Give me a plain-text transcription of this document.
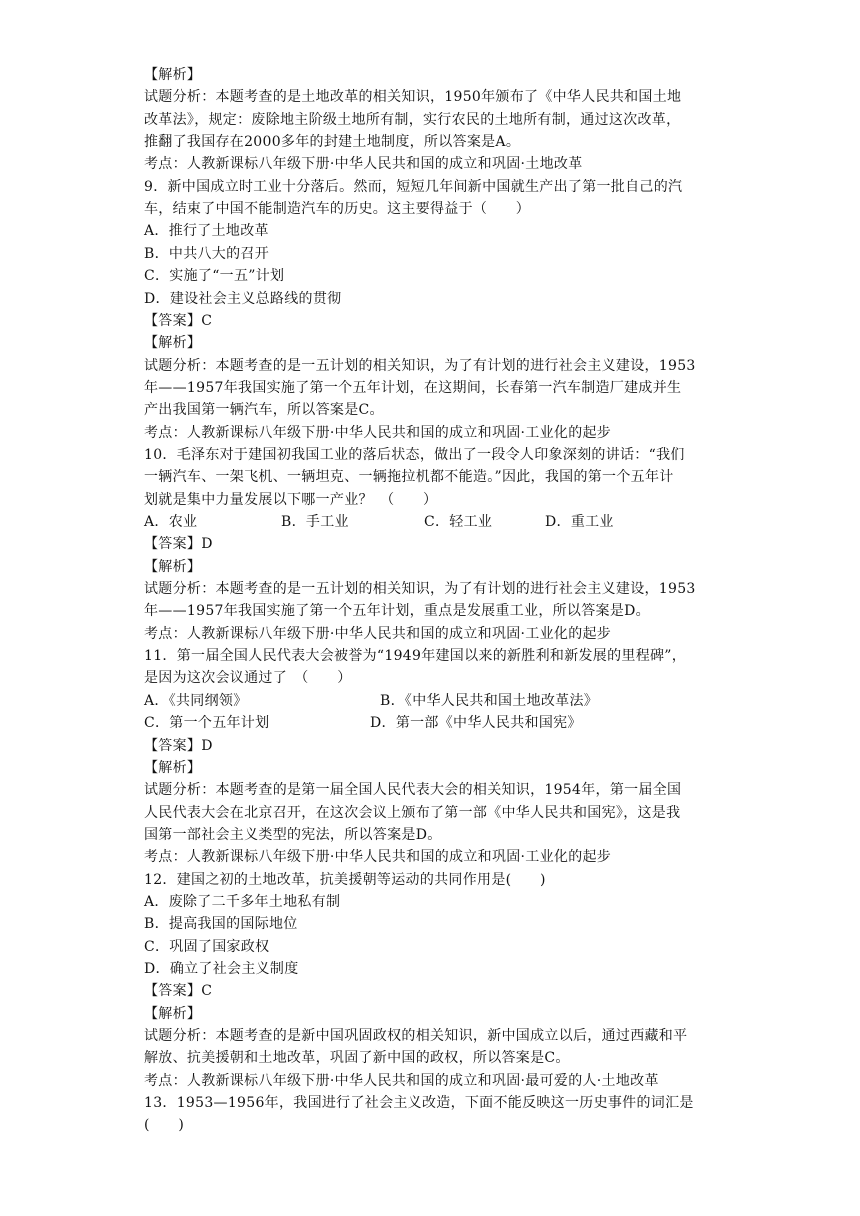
【解析】
试题分析：本题考查的是土地改革的相关知识，1950年颁布了《中华人民共和国土地
改革法》，规定：废除地主阶级土地所有制，实行农民的土地所有制，通过这次改革，
推翻了我国存在2000多年的封建土地制度，所以答案是A。
考点：人教新课标八年级下册·中华人民共和国的成立和巩固·土地改革
9．新中国成立时工业十分落后。然而，短短几年间新中国就生产出了第一批自己的汽
车，结束了中国不能制造汽车的历史。这主要得益于（　　）
A．推行了土地改革
B．中共八大的召开
C．实施了“一五”计划
D．建设社会主义总路线的贯彻
【答案】C
【解析】
试题分析：本题考查的是一五计划的相关知识，为了有计划的进行社会主义建设，1953
年——1957年我国实施了第一个五年计划，在这期间，长春第一汽车制造厂建成并生
产出我国第一辆汽车，所以答案是C。
考点：人教新课标八年级下册·中华人民共和国的成立和巩固·工业化的起步
10．毛泽东对于建国初我国工业的落后状态，做出了一段令人印象深刻的讲话：“我们
一辆汽车、一架飞机、一辆坦克、一辆拖拉机都不能造。”因此，我国的第一个五年计
划就是集中力量发展以下哪一产业？　（　　）
A．农业	B．手工业	C．轻工业	D．重工业
【答案】D
【解析】
试题分析：本题考查的是一五计划的相关知识，为了有计划的进行社会主义建设，1953
年——1957年我国实施了第一个五年计划，重点是发展重工业，所以答案是D。
考点：人教新课标八年级下册·中华人民共和国的成立和巩固·工业化的起步
11．第一届全国人民代表大会被誉为“1949年建国以来的新胜利和新发展的里程碑”，
是因为这次会议通过了　（　　）
A．《共同纲领》	B．《中华人民共和国土地改革法》
C．第一个五年计划	D．第一部《中华人民共和国宪》
【答案】D
【解析】
试题分析：本题考查的是第一届全国人民代表大会的相关知识，1954年，第一届全国
人民代表大会在北京召开，在这次会议上颁布了第一部《中华人民共和国宪》，这是我
国第一部社会主义类型的宪法，所以答案是D。
考点：人教新课标八年级下册·中华人民共和国的成立和巩固·工业化的起步
12．建国之初的土地改革，抗美援朝等运动的共同作用是(　　)
A．废除了二千多年土地私有制
B．提高我国的国际地位
C．巩固了国家政权
D．确立了社会主义制度
【答案】C
【解析】
试题分析：本题考查的是新中国巩固政权的相关知识，新中国成立以后，通过西藏和平
解放、抗美援朝和土地改革，巩固了新中国的政权，所以答案是C。
考点：人教新课标八年级下册·中华人民共和国的成立和巩固·最可爱的人·土地改革
13．1953—1956年，我国进行了社会主义改造，下面不能反映这一历史事件的词汇是
(　　)
